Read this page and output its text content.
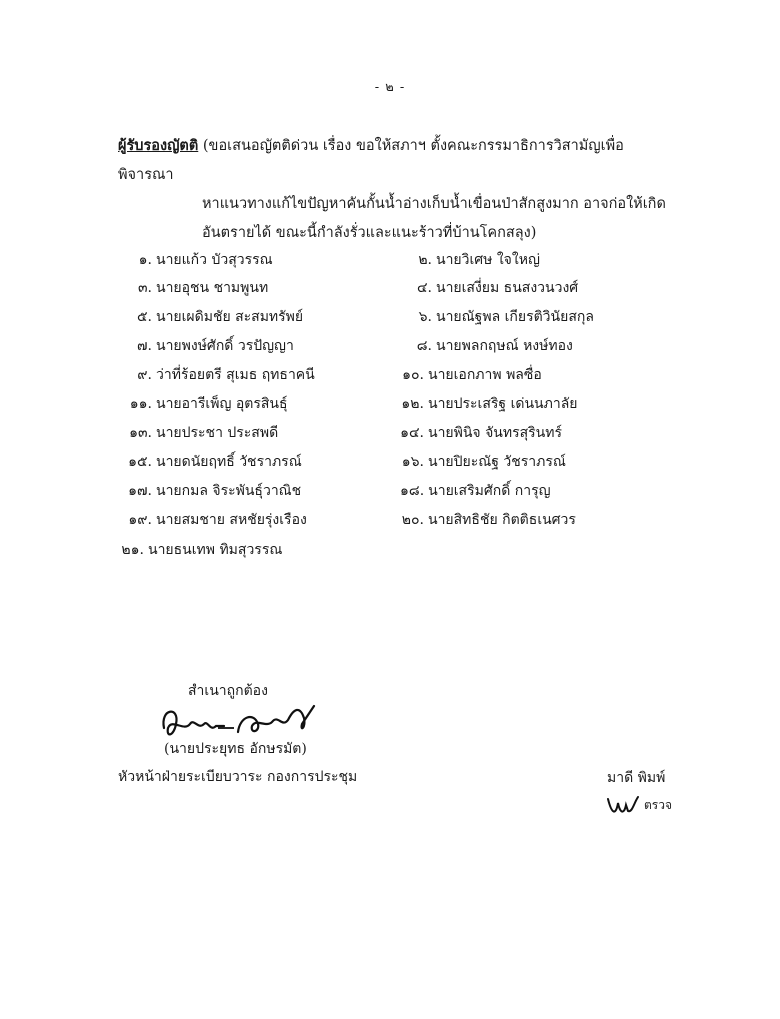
- ๒ -
ผู้รับรองญัตติ (ขอเสนอญัตติด่วน เรื่อง ขอให้สภาฯ ตั้งคณะกรรมาธิการวิสามัญเพื่อ พิจารณา
หาแนวทางแก้ไขปัญหาคันกั้นน้ำอ่างเก็บน้ำเขื่อนป่าสักสูงมาก อาจก่อให้เกิด
อันตรายได้ ขณะนี้กำลังรั่วและแนะร้าวที่บ้านโคกสลุง)
๑. นายแก้ว บัวสุวรรณ	๒. นายวิเศษ ใจใหญ่
๓. นายอุชน ชามพูนท	๔. นายเสงี่ยม ธนสงวนวงศ์
๕. นายเผดิมชัย สะสมทรัพย์	๖. นายณัฐพล เกียรติวินัยสกุล
๗. นายพงษ์ศักดิ์ วรปัญญา	๘. นายพลกฤษณ์ หงษ์ทอง
๙. ว่าที่ร้อยตรี สุเมธ ฤทธาคนี	๑๐. นายเอกภาพ พลซื่อ
๑๑. นายอารีเพ็ญ อุตรสินธุ์	๑๒. นายประเสริฐ เด่นนภาลัย
๑๓. นายประชา ประสพดี	๑๔. นายพินิจ จันทรสุรินทร์
๑๕. นายดนัยฤทธิ์ วัชราภรณ์	๑๖. นายปิยะณัฐ วัชราภรณ์
๑๗. นายกมล จิระพันธุ์วาณิช	๑๘. นายเสริมศักดิ์ การุญ
๑๙. นายสมชาย สหชัยรุ่งเรือง	๒๐. นายสิทธิชัย กิตติธเนศวร
๒๑. นายธนเทพ ทิมสุวรรณ
สำเนาถูกต้อง
(นายประยุทธ อักษรมัต)
หัวหน้าฝ่ายระเบียบวาระ กองการประชุม	มาดี พิมพ์
ตรวจ
